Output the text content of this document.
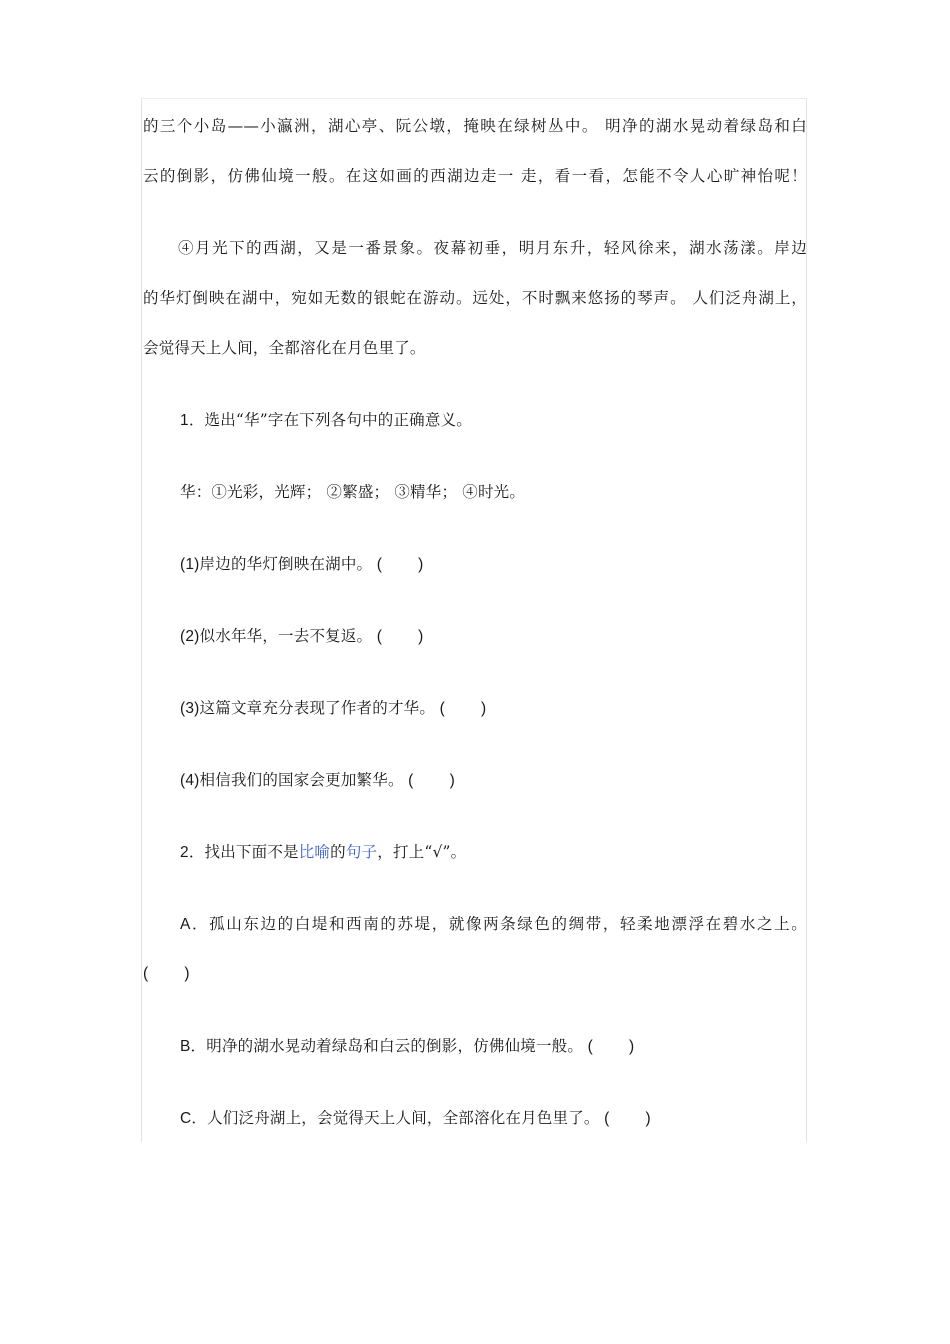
的三个小岛——小瀛洲，湖心亭、阮公墩，掩映在绿树丛中。 明净的湖水晃动着绿岛和白
云的倒影，仿佛仙境一般。在这如画的西湖边走一 走，看一看，怎能不令人心旷神怡呢！
④月光下的西湖，又是一番景象。夜幕初垂，明月东升，轻风徐来，湖水荡漾。岸边
的华灯倒映在湖中，宛如无数的银蛇在游动。远处，不时飘来悠扬的琴声。 人们泛舟湖上，
会觉得天上人间，全都溶化在月色里了。
1．选出“华”字在下列各句中的正确意义。
华：①光彩，光辉； ②繁盛； ③精华； ④时光。
(1)岸边的华灯倒映在湖中。 (        )
(2)似水年华，一去不复返。 (        )
(3)这篇文章充分表现了作者的才华。 (        )
(4)相信我们的国家会更加繁华。 (        )
2．找出下面不是比喻的句子，打上“√”。
A．孤山东边的白堤和西南的苏堤，就像两条绿色的绸带，轻柔地漂浮在碧水之上。
(        )
B．明净的湖水晃动着绿岛和白云的倒影，仿佛仙境一般。 (        )
C．人们泛舟湖上，会觉得天上人间，全部溶化在月色里了。 (        )
